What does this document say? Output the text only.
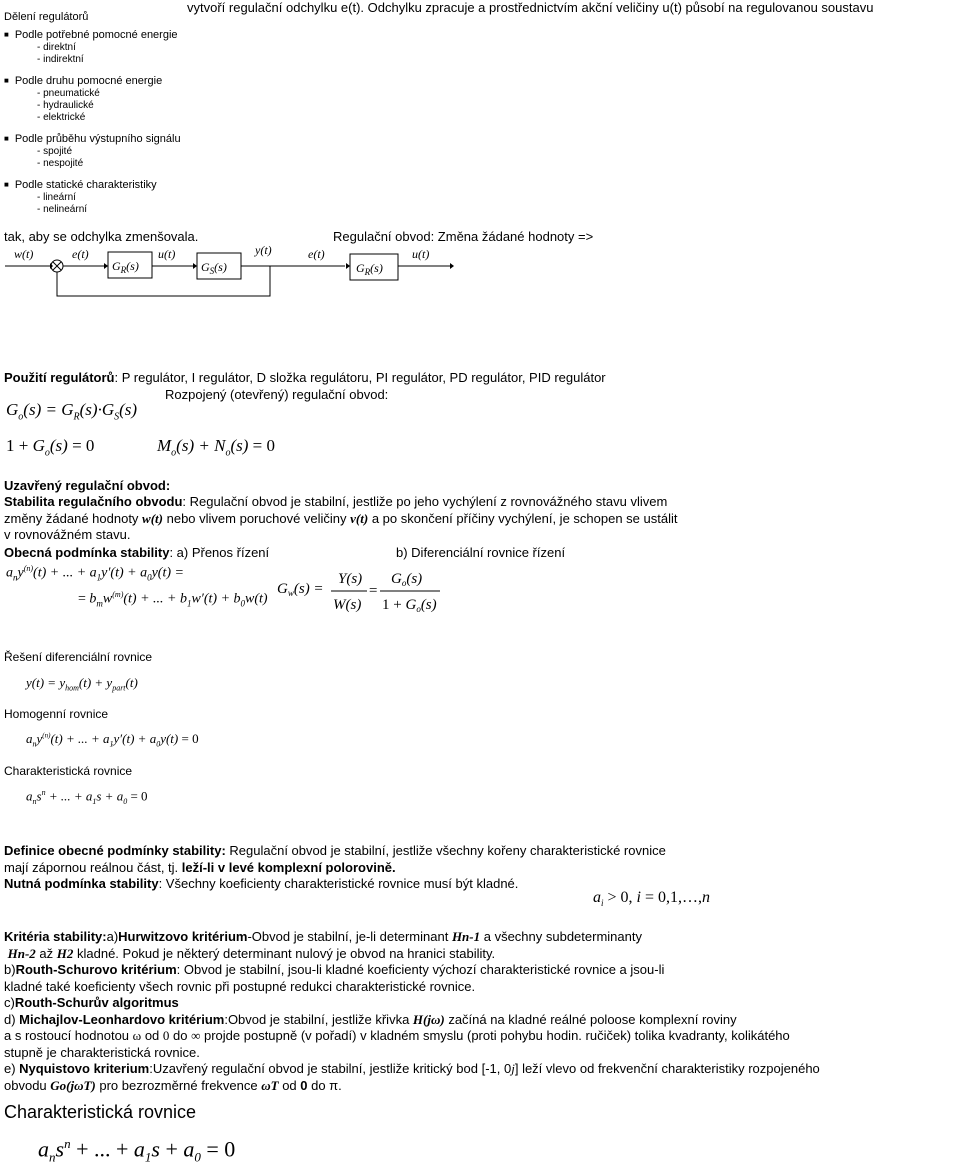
vytvoří regulační odchylku e(t). Odchylku zpracuje a prostřednictvím akční veličiny u(t) působí na regulovanou soustavu
Dělení regulátorů
■ Podle potřebné pomocné energie
- direktní
- indirektní
■ Podle druhu pomocné energie
- pneumatické
- hydraulické
- elektrické
■ Podle průběhu výstupního signálu
- spojité
- nespojité
■ Podle statické charakteristiky
- lineární
- nelineární
tak, aby se odchylka zmenšovala.	Regulační obvod: Změna žádané hodnoty =>
w(t)	e(t)	u(t)	y(t)	e(t)	u(t)
$G_R(s)$	$G_S(s)$	$G_R(s)$
Použití regulátorů: P regulátor, I regulátor, D složka regulátoru, PI regulátor, PD regulátor, PID regulátor
Rozpojený (otevřený) regulační obvod:
$G_o(s) = G_R(s)\cdot G_S(s)$
$1 + G_o(s) = 0$	$M_o(s) + N_o(s) = 0$
Uzavřený regulační obvod:
Stabilita regulačního obvodu: Regulační obvod je stabilní, jestliže po jeho vychýlení z rovnovážného stavu vlivem
změny žádané hodnoty w(t) nebo vlivem poruchové veličiny v(t) a po skončení příčiny vychýlení, je schopen se ustálit
v rovnovážném stavu.
Obecná podmínka stability: a) Přenos řízení	b) Diferenciální rovnice řízení
$a_ny^{(n)}(t)$ + ... + $a_1y'(t) + a_0y(t)$ =
= $b_mw^{(m)}(t)$ + ... + $b_1w'(t) + b_0w(t)$
$G_w(s)$ =
Y(s)
W(s)
=
$G_o(s)$
$1 + G_o(s)$
Řešení diferenciální rovnice
$y(t) = y_{hom}(t) + y_{part}(t)$
Homogenní rovnice
$a_ny^{(n)}(t)$ + ... + $a_1y'(t) + a_0y(t) = 0$
Charakteristická rovnice
$a_ns^n$ + ... + $a_1s + a_0 = 0$
Definice obecné podmínky stability: Regulační obvod je stabilní, jestliže všechny kořeny charakteristické rovnice
mají zápornou reálnou část, tj. leží-li v levé komplexní polorovině.
Nutná podmínka stability: Všechny koeficienty charakteristické rovnice musí být kladné.
$a_i > 0$, i = 0,1,…,n
Kritéria stability:a)Hurwitzovo kritérium-Obvod je stabilní, je-li determinant Hn-1 a všechny subdeterminanty
Hn-2 až H2 kladné. Pokud je některý determinant nulový je obvod na hranici stability.
b)Routh-Schurovo kritérium: Obvod je stabilní, jsou-li kladné koeficienty výchozí charakteristické rovnice a jsou-li
kladné také koeficienty všech rovnic při postupné redukci charakteristické rovnice.
c)Routh-Schurův algoritmus
d) Michajlov-Leonhardovo kritérium:Obvod je stabilní, jestliže křivka H(jω) začíná na kladné reálné poloose komplexní roviny
a s rostoucí hodnotou ω od 0 do ∞ projde postupně (v pořadí) v kladném smyslu (proti pohybu hodin. ručiček) tolika kvadranty, kolikátého
stupně je charakteristická rovnice.
e) Nyquistovo kriterium:Uzavřený regulační obvod je stabilní, jestliže kritický bod [-1, 0j] leží vlevo od frekvenční charakteristiky rozpojeného
obvodu Go(jωT) pro bezrozměrné frekvence ωT od 0 do π.
Charakteristická rovnice
$a_ns^n$ + ... + $a_1s + a_0 = 0$
